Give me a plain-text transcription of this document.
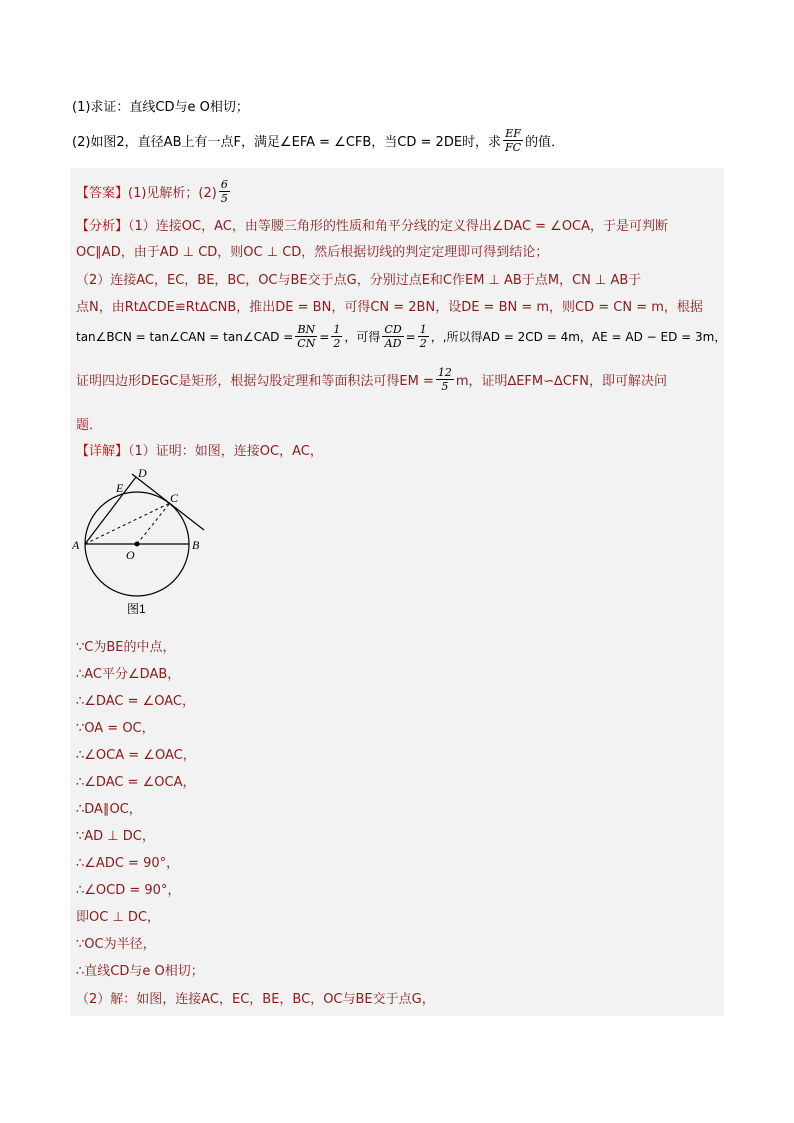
(1)求证：直线CD与e O相切；
(2)如图2，直径AB上有一点F，满足∠EFA = ∠CFB，当CD = 2DE时，求 $\frac{EF}{FC}$ 的值．
【答案】 (1)见解析；$(2) \frac{6}{5}$
【分析】（1）连接OC，AC，由等腰三角形的性质和角平分线的定义得出∠DAC = ∠OCA，于是可判断
OC∥AD，由于AD ⊥ CD，则OC ⊥ CD，然后根据切线的判定定理即可得到结论；
（2）连接AC，EC，BE，BC，OC与BE交于点G，分别过点E和C作EM ⊥ AB于点M，CN ⊥ AB于
点N，由Rt∆CDE≌Rt∆CNB，推出DE = BN，可得CN = 2BN，设DE = BN = m，则CD = CN = m，根据
tan∠BCN = tan∠CAN = tan∠CAD = $\frac{BN}{CN} = \frac{1}{2}$ ，可得 $\frac{CD}{AD} = \frac{1}{2}$ ，,所以得AD = 2CD = 4m，AE = AD − ED = 3m，
证明四边形DEGC是矩形，根据勾股定理和等面积法可得EM = $\frac{12}{5}$ m，证明∆EFM∽∆CFN，即可解决问
题．
【详解】（1）证明：如图，连接OC，AC，
D
E
C
A
O
B
图1
∵C为BE的中点，
∴AC平分∠DAB，
∴∠DAC = ∠OAC，
∵OA = OC，
∴∠OCA = ∠OAC，
∴∠DAC = ∠OCA，
∴DA∥OC，
∵AD ⊥ DC，
∴∠ADC = 90°，
∴∠OCD = 90°，
即OC ⊥ DC，
∵OC为半径，
∴直线CD与e O相切；
（2）解：如图，连接AC，EC，BE，BC，OC与BE交于点G，
